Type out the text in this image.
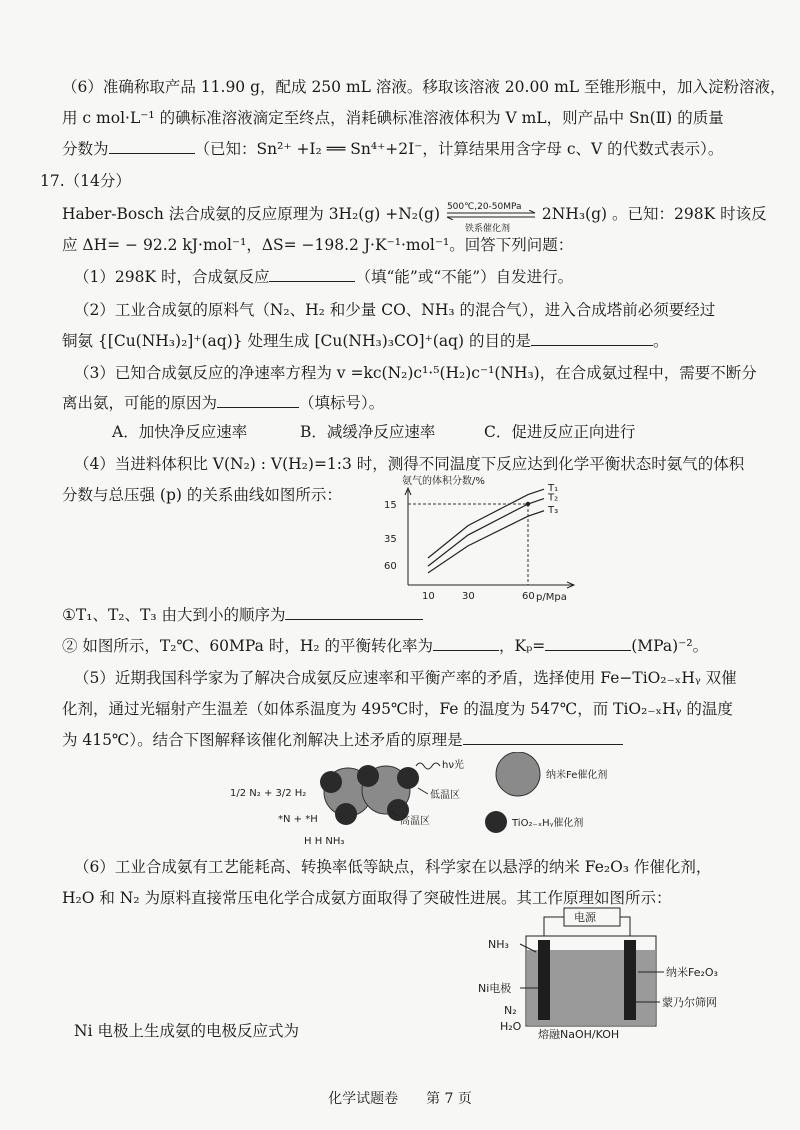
（6）准确称取产品 11.90 g，配成 250 mL 溶液。移取该溶液 20.00 mL 至锥形瓶中，加入淀粉溶液，
用 c mol·L⁻¹ 的碘标准溶液滴定至终点，消耗碘标准溶液体积为 V mL，则产品中 Sn(Ⅱ) 的质量
分数为	（已知：Sn²⁺ +I₂ ══ Sn⁴⁺+2I⁻，计算结果用含字母 c、V 的代数式表示）。
17.（14分）
Haber-Bosch 法合成氨的反应原理为 3H₂(g) +N₂(g) 500℃,20-50MPa
铁系催化剂
2NH₃(g) 。已知：298K 时该反
应 ΔH= − 92.2 kJ·mol⁻¹，ΔS= −198.2 J·K⁻¹·mol⁻¹。回答下列问题：
（1）298K 时，合成氨反应	（填“能”或“不能”）自发进行。
（2）工业合成氨的原料气（N₂、H₂ 和少量 CO、NH₃ 的混合气），进入合成塔前必须要经过
铜氨 {[Cu(NH₃)₂]⁺(aq)} 处理生成 [Cu(NH₃)₃CO]⁺(aq) 的目的是	。
（3）已知合成氨反应的净速率方程为 v =kc(N₂)c¹·⁵(H₂)c⁻¹(NH₃)，在合成氨过程中，需要不断分
离出氨，可能的原因为	（填标号）。
A．加快净反应速率	B．减缓净反应速率	C．促进反应正向进行
（4）当进料体积比 V(N₂) : V(H₂)=1:3 时，测得不同温度下反应达到化学平衡状态时氨气的体积
分数与总压强 (p) 的关系曲线如图所示：
氨气的体积分数/%
p/Mpa
60
35
15
10	30	60
T₁
T₂
T₃
①T₁、T₂、T₃ 由大到小的顺序为
② 如图所示，T₂℃、60MPa 时，H₂ 的平衡转化率为	，Kₚ=	(MPa)⁻²。
（5）近期我国科学家为了解决合成氨反应速率和平衡产率的矛盾，选择使用 Fe−TiO₂₋ₓHᵧ 双催
化剂，通过光辐射产生温差（如体系温度为 495℃时，Fe 的温度为 547℃，而 TiO₂₋ₓHᵧ 的温度
为 415℃）。结合下图解释该催化剂解决上述矛盾的原理是
1/2 N₂ + 3/2 H₂
hν光
低温区
高温区
*N + *H
H H NH₃
纳米Fe催化剂
TiO₂₋ₓHᵧ催化剂
（6）工业合成氨有工艺能耗高、转换率低等缺点，科学家在以悬浮的纳米 Fe₂O₃ 作催化剂，
H₂O 和 N₂ 为原料直接常压电化学合成氨方面取得了突破性进展。其工作原理如图所示：
电源
NH₃
Ni电极
N₂
H₂O
纳米Fe₂O₃
蒙乃尔筛网
熔融NaOH/KOH
Ni 电极上生成氨的电极反应式为
化学试题卷 第 7 页
